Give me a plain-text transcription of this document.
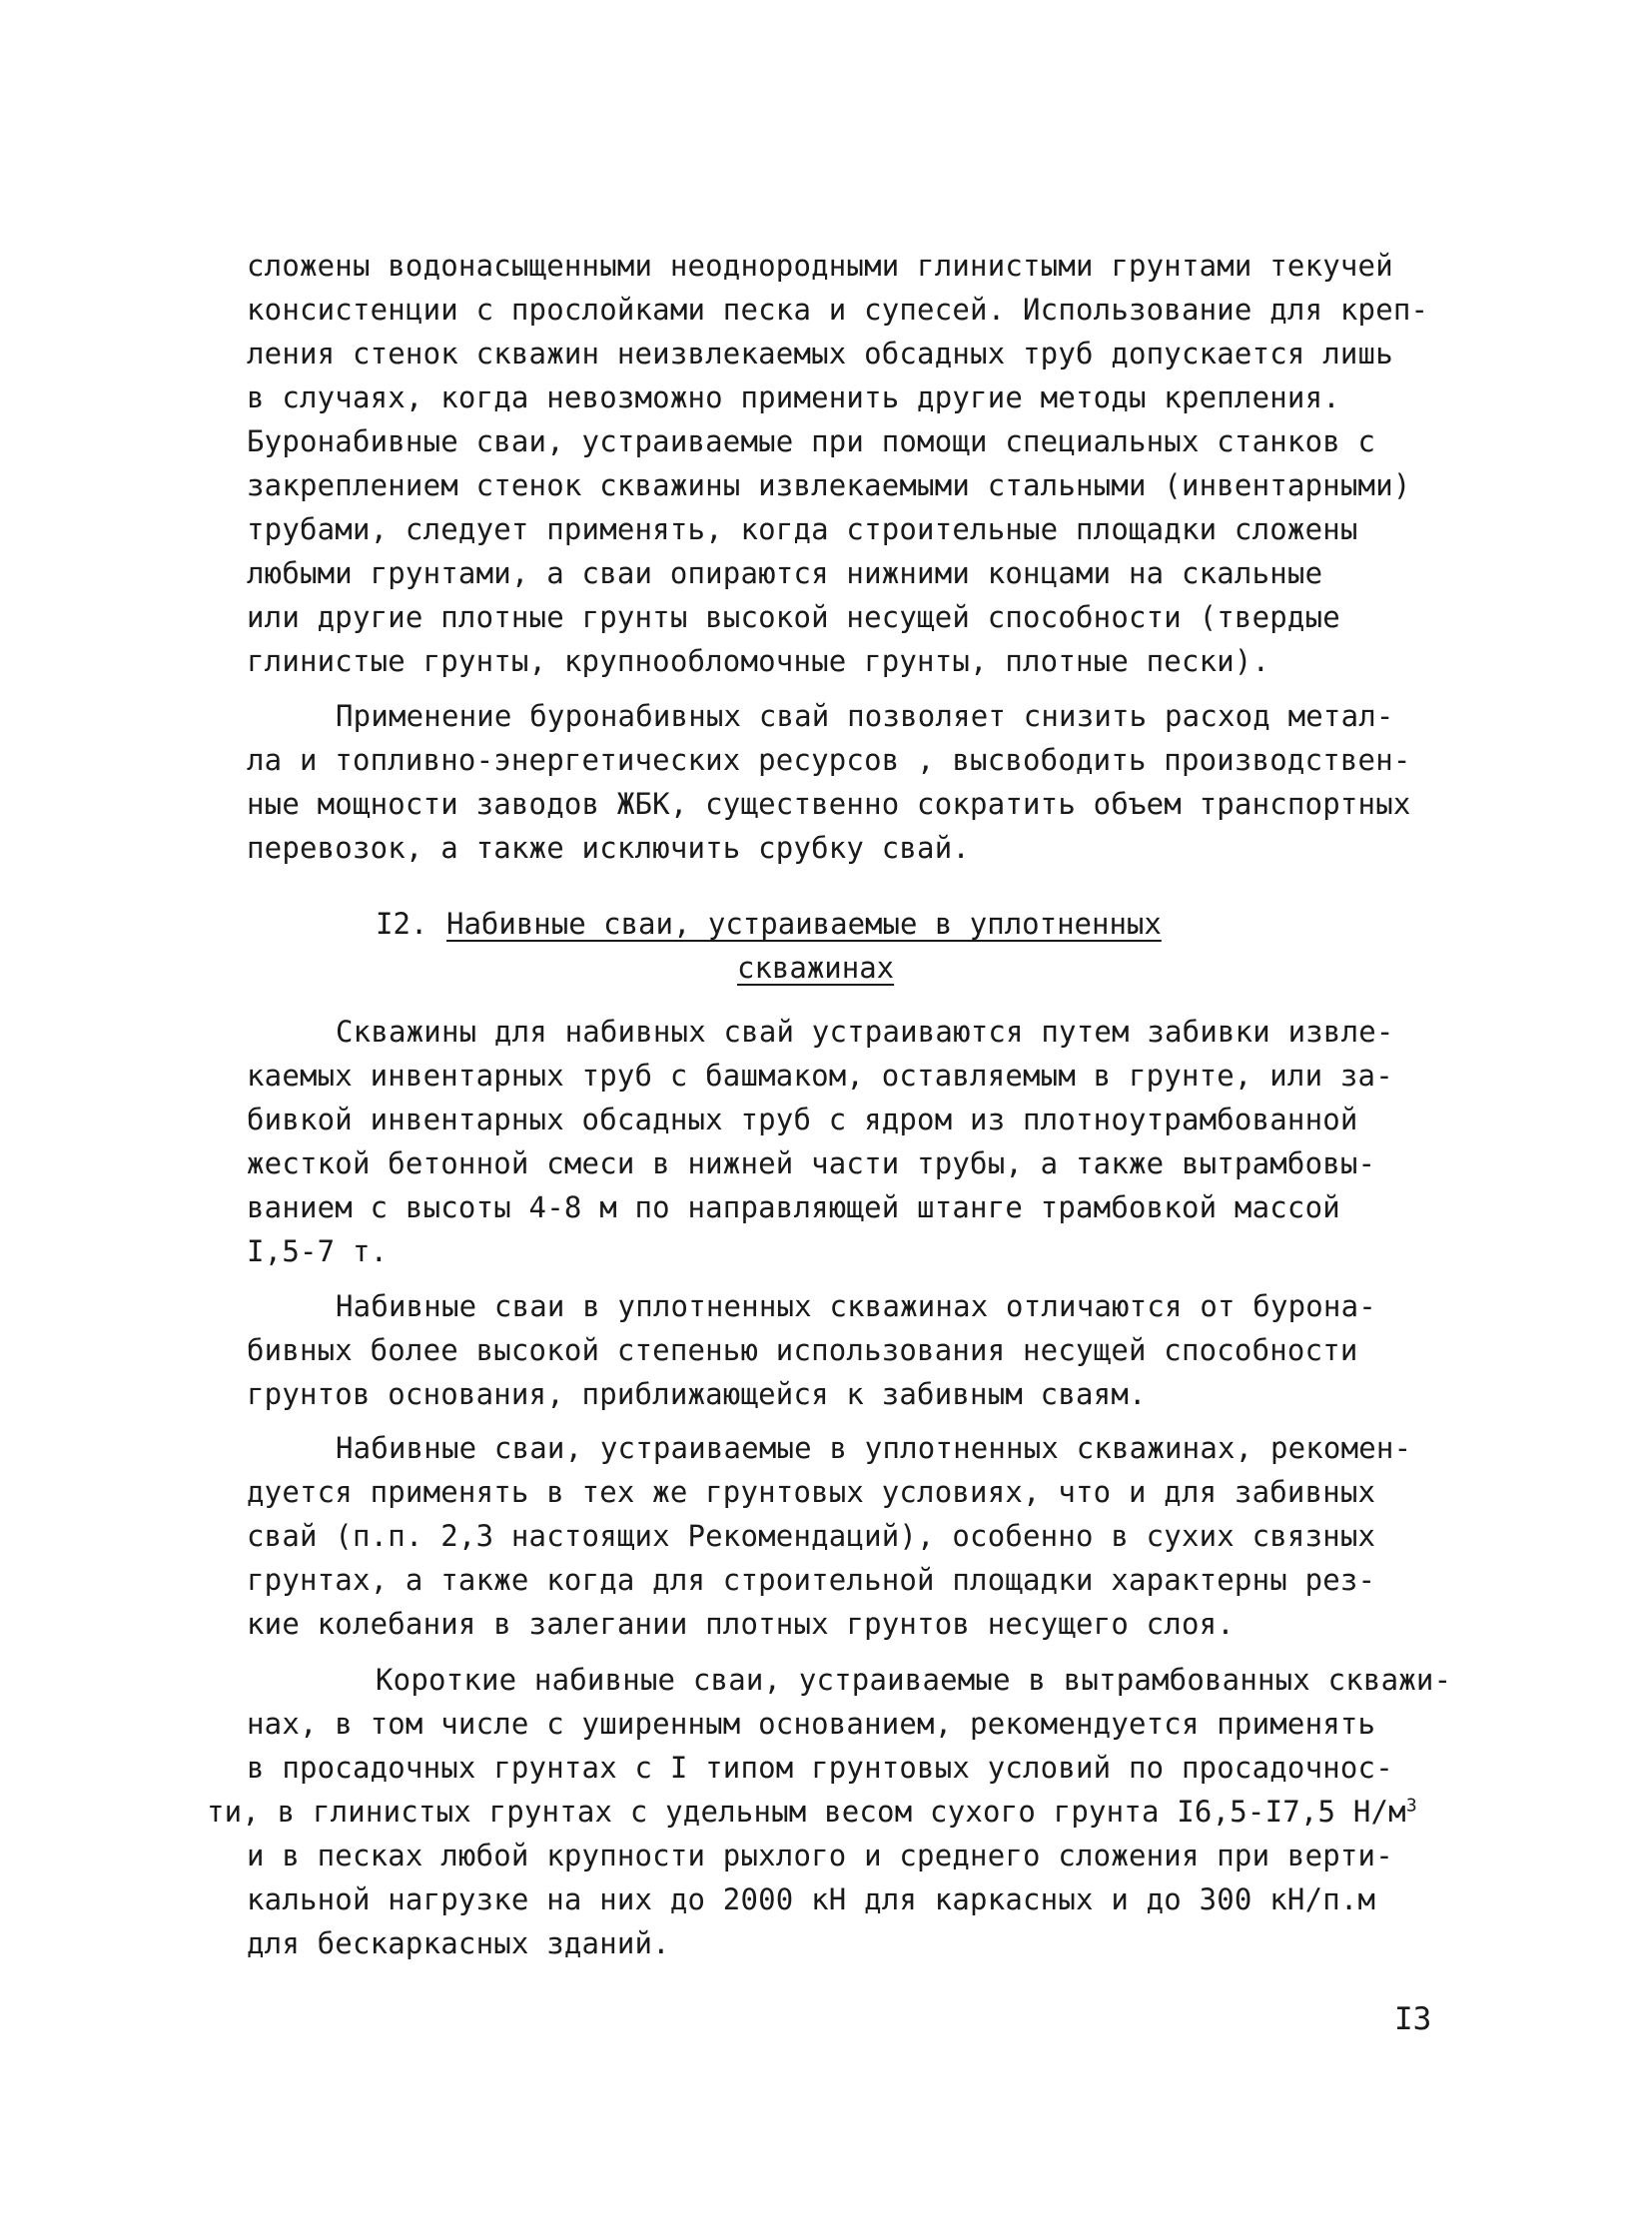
сложены водонасыщенными неоднородными глинистыми грунтами текучей
консистенции с прослойками песка и супесей. Использование для креп-
ления стенок скважин неизвлекаемых обсадных труб допускается лишь
в случаях, когда невозможно применить другие методы крепления.
Буронабивные сваи, устраиваемые при помощи специальных станков с
закреплением стенок скважины извлекаемыми стальными (инвентарными)
трубами, следует применять, когда строительные площадки сложены
любыми грунтами, а сваи опираются нижними концами на скальные
или другие плотные грунты высокой несущей способности (твердые
глинистые грунты, крупнообломочные грунты, плотные пески).
Применение буронабивных свай позволяет снизить расход метал-
ла и топливно-энергетических ресурсов , высвободить производствен-
ные мощности заводов ЖБК, существенно сократить объем транспортных
перевозок, а также исключить срубку свай.
I2. Набивные сваи, устраиваемые в уплотненных
скважинах
Скважины для набивных свай устраиваются путем забивки извле-
каемых инвентарных труб с башмаком, оставляемым в грунте, или за-
бивкой инвентарных обсадных труб с ядром из плотноутрамбованной
жесткой бетонной смеси в нижней части трубы, а также вытрамбовы-
ванием с высоты 4-8 м по направляющей штанге трамбовкой массой
I,5-7 т.
Набивные сваи в уплотненных скважинах отличаются от бурона-
бивных более высокой степенью использования несущей способности
грунтов основания, приближающейся к забивным сваям.
Набивные сваи, устраиваемые в уплотненных скважинах, рекомен-
дуется применять в тех же грунтовых условиях, что и для забивных
свай (п.п. 2,3 настоящих Рекомендаций), особенно в сухих связных
грунтах, а также когда для строительной площадки характерны рез-
кие колебания в залегании плотных грунтов несущего слоя.
Короткие набивные сваи, устраиваемые в вытрамбованных скважи-
нах, в том числе с уширенным основанием, рекомендуется применять
в просадочных грунтах с I типом грунтовых условий по просадочнос-
ти, в глинистых грунтах с удельным весом сухого грунта I6,5-I7,5 $Н/м^3$
и в песках любой крупности рыхлого и среднего сложения при верти-
кальной нагрузке на них до 2000 кН для каркасных и до 300 кН/п.м
для бескаркасных зданий.
I3
